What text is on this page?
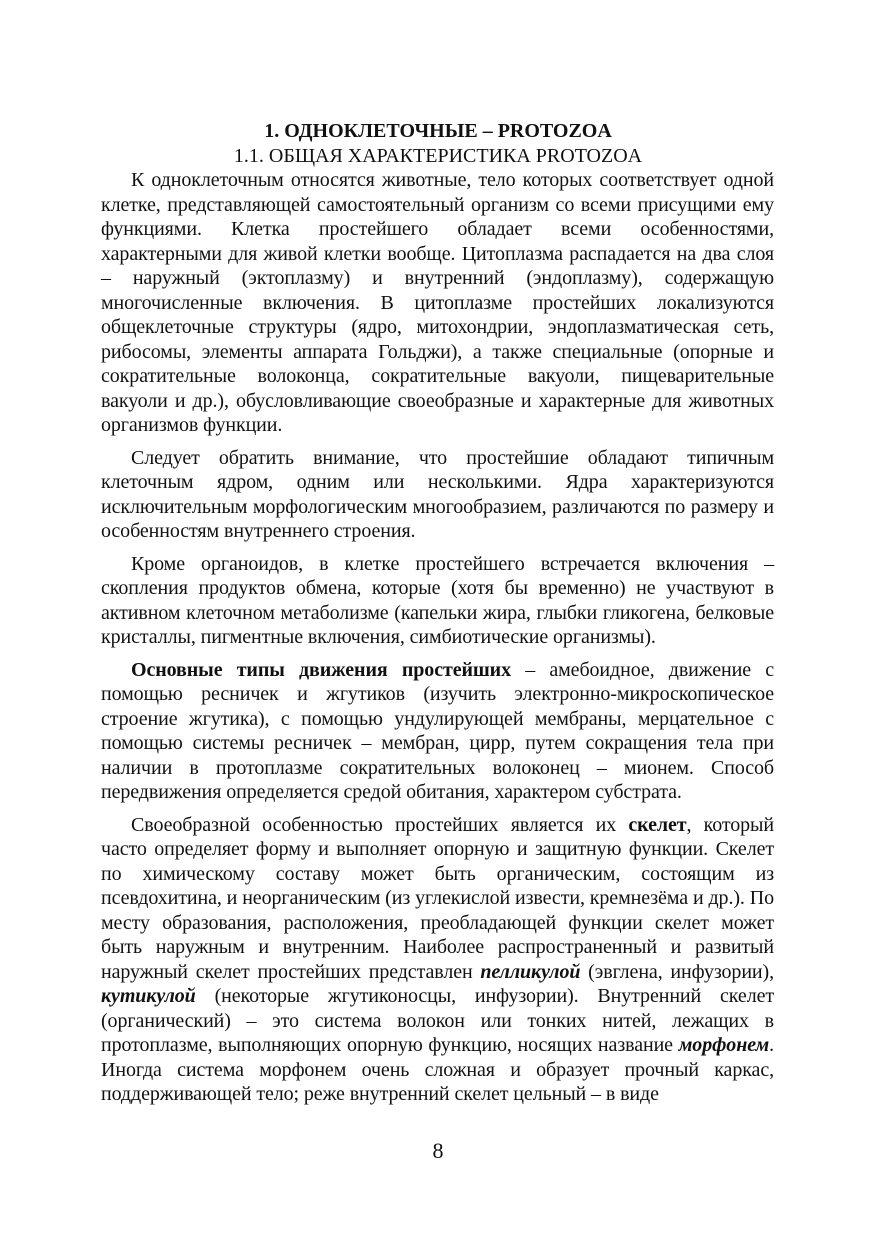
1. ОДНОКЛЕТОЧНЫЕ – PROTOZOA
1.1. ОБЩАЯ ХАРАКТЕРИСТИКА PROTOZOA

К одноклеточным относятся животные, тело которых соответствует одной клетке, представляющей самостоятельный организм со всеми присущими ему функциями. Клетка простейшего обладает всеми особенностями, характерными для живой клетки вообще. Цитоплазма распадается на два слоя – наружный (эктоплазму) и внутренний (эндоплазму), содержащую многочисленные включения. В цитоплазме простейших локализуются общеклеточные структуры (ядро, митохондрии, эндоплазматическая сеть, рибосомы, элементы аппарата Гольджи), а также специальные (опорные и сократительные волоконца, сократительные вакуоли, пищеварительные вакуоли и др.), обусловливающие своеобразные и характерные для животных организмов функции.

Следует обратить внимание, что простейшие обладают типичным клеточным ядром, одним или несколькими. Ядра характеризуются исключительным морфологическим многообразием, различаются по размеру и особенностям внутреннего строения.

Кроме органоидов, в клетке простейшего встречается включения – скопления продуктов обмена, которые (хотя бы временно) не участвуют в активном клеточном метаболизме (капельки жира, глыбки гликогена, белковые кристаллы, пигментные включения, симбиотические организмы).

Основные типы движения простейших – амебоидное, движение с помощью ресничек и жгутиков (изучить электронно-микроскопическое строение жгутика), с помощью ундулирующей мембраны, мерцательное с помощью системы ресничек – мембран, цирр, путем сокращения тела при наличии в протоплазме сократительных волоконец – мионем. Способ передвижения определяется средой обитания, характером субстрата.

Своеобразной особенностью простейших является их скелет, который часто определяет форму и выполняет опорную и защитную функции. Скелет по химическому составу может быть органическим, состоящим из псевдохитина, и неорганическим (из углекислой извести, кремнезёма и др.). По месту образования, расположения, преобладающей функции скелет может быть наружным и внутренним. Наиболее распространенный и развитый наружный скелет простейших представлен пелликулой (эвглена, инфузории), кутикулой (некоторые жгутиконосцы, инфузории). Внутренний скелет (органический) – это система волокон или тонких нитей, лежащих в протоплазме, выполняющих опорную функцию, носящих название морфонем. Иногда система морфонем очень сложная и образует прочный каркас, поддерживающей тело; реже внутренний скелет цельный – в виде

8
